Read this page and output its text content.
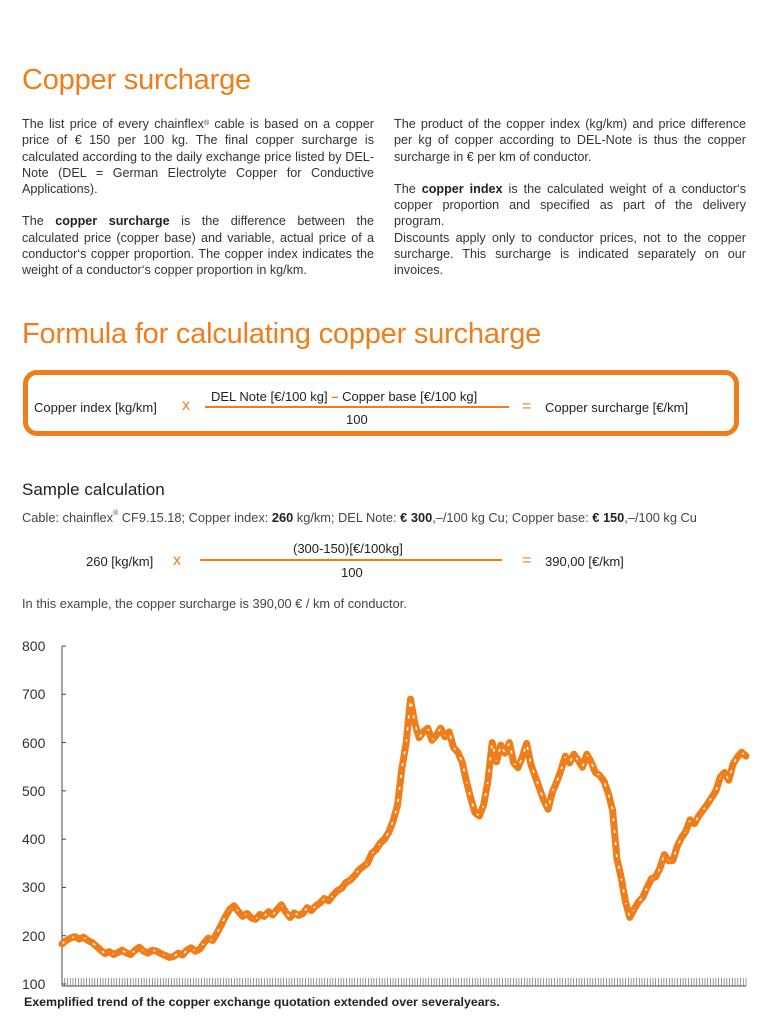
Copper surcharge

The list price of every chainflex® cable is based on a copper price of € 150 per 100 kg. The final copper surcharge is calculated according to the daily exchange price listed by DEL-Note (DEL = German Electrolyte Copper for Conductive Applications).

The copper surcharge is the difference between the calculated price (copper base) and variable, actual price of a conductor‘s copper proportion. The copper index indicates the weight of a conductor‘s copper proportion in kg/km.

The product of the copper index (kg/km) and price difference per kg of copper according to DEL-Note is thus the copper surcharge in € per km of conductor.

The copper index is the calculated weight of a conductor‘s copper proportion and specified as part of the delivery program.

Discounts apply only to conductor prices, not to the copper surcharge. This surcharge is indicated separately on our invoices.

Formula for calculating copper surcharge
Copper index [kg/km] x
DEL Note [€/100 kg] – Copper base [€/100 kg]
100
= Copper surcharge [€/km]
Sample calculation
Cable: chainflex® CF9.15.18; Copper index: 260 kg/km; DEL Note: € 300,–/100 kg Cu; Copper base: € 150,–/100 kg Cu
260 [kg/km] x
(300-150)[€/100kg]
100
= 390,00 [€/km]
In this example, the copper surcharge is 390,00 € / km of conductor.
800
700
600
500
400
300
200
100
Exemplified trend of the copper exchange quotation extended over severalyears.
